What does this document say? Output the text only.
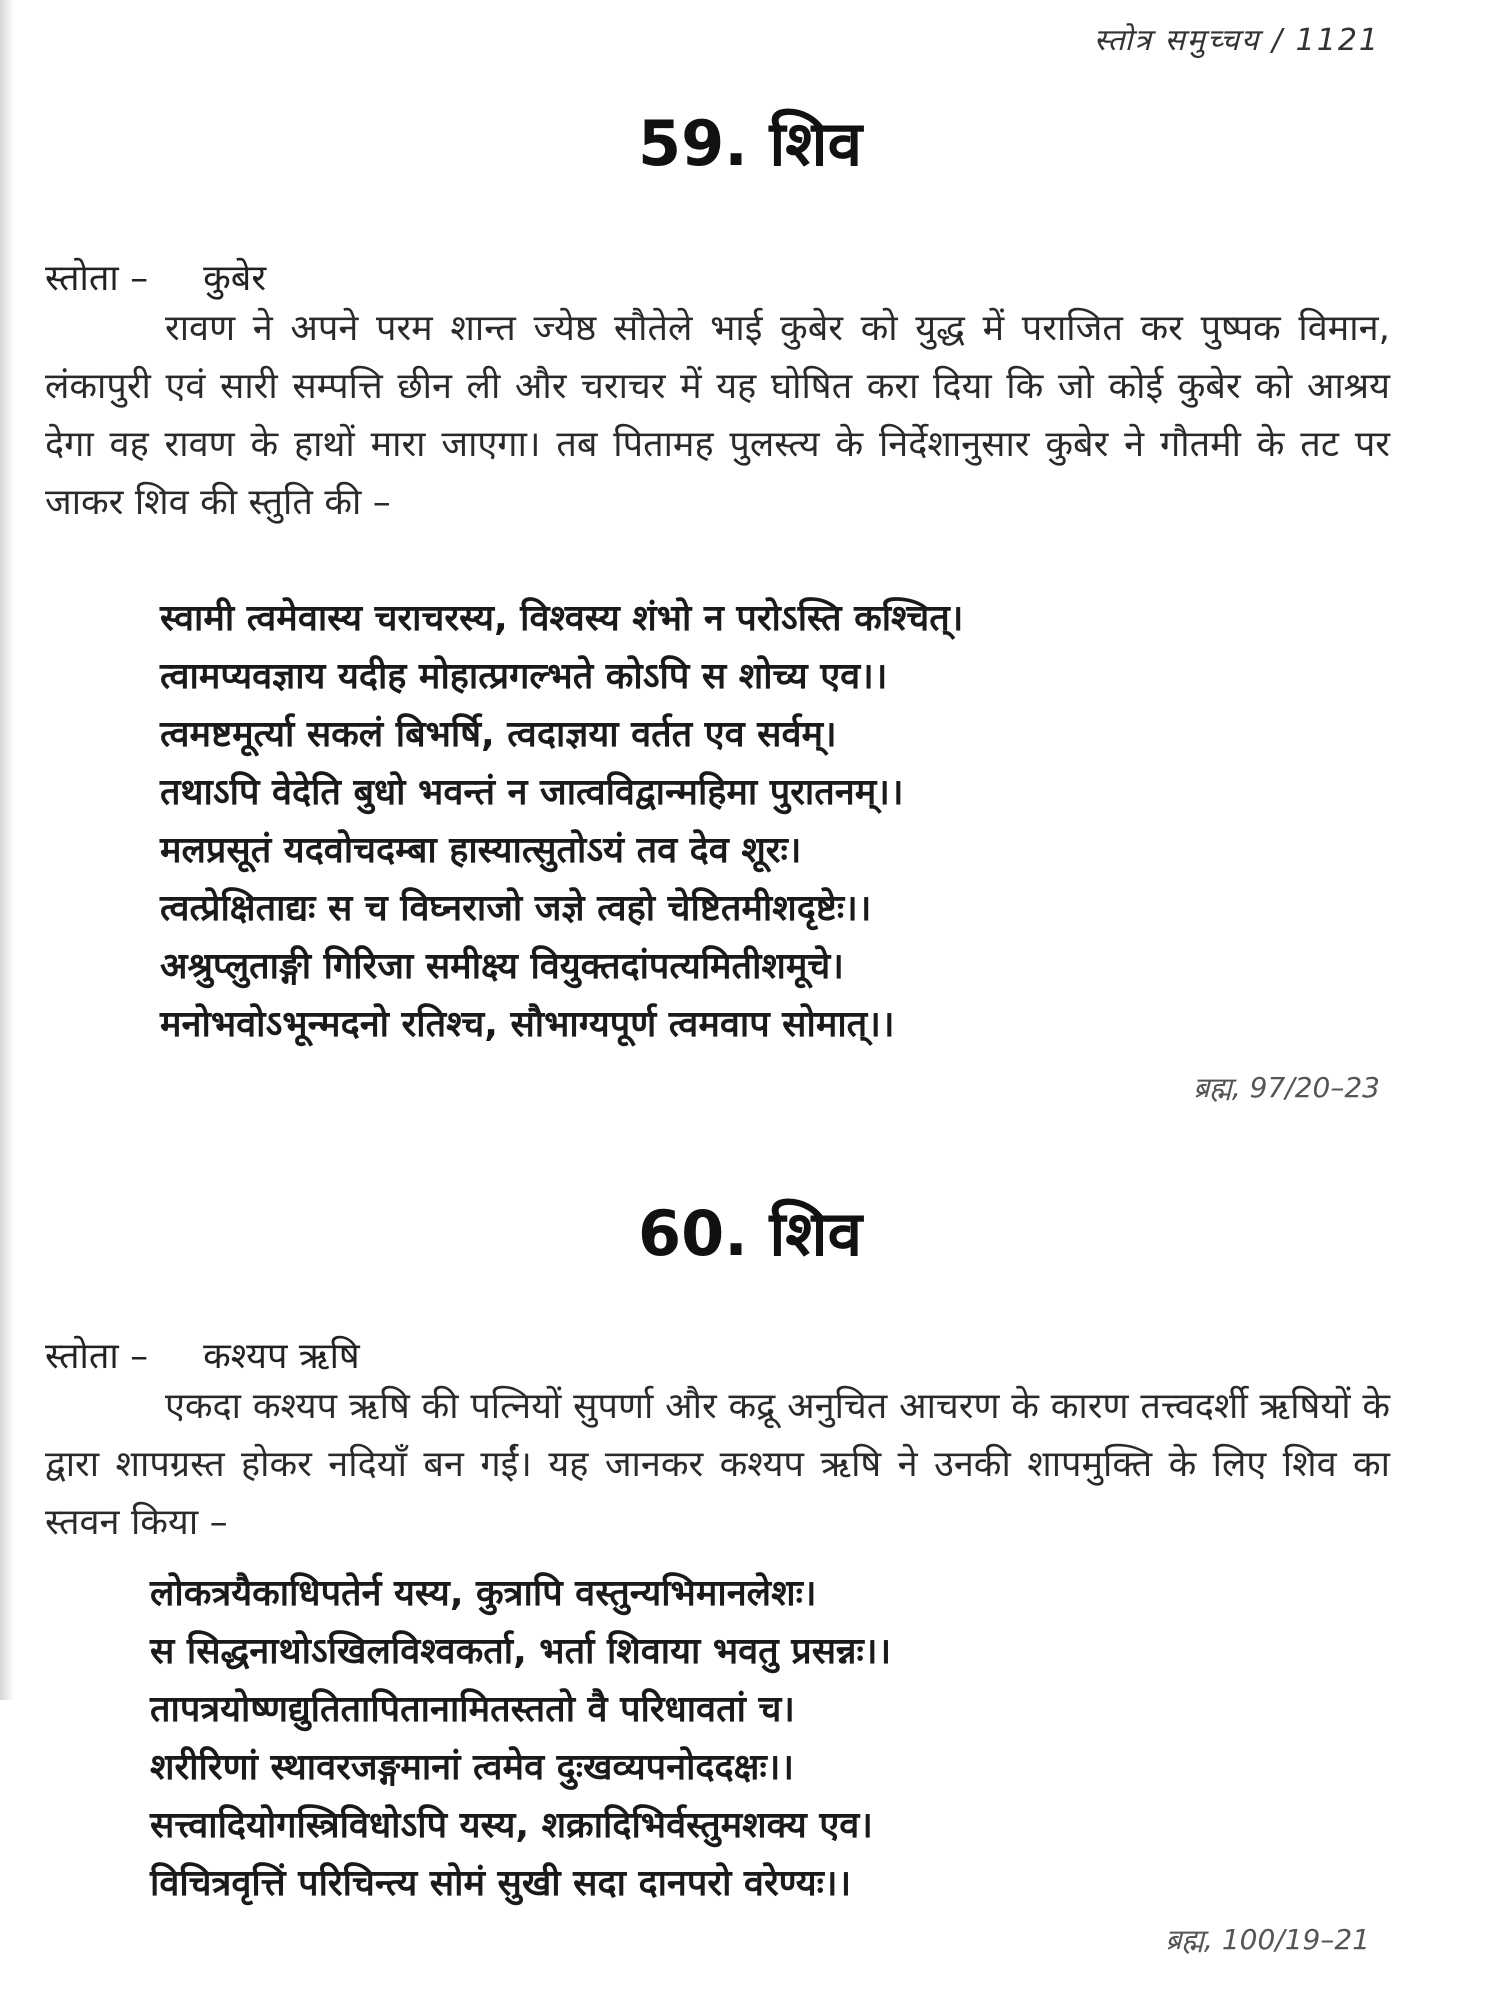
स्तोत्र समुच्चय / 1121
59. शिव
स्तोता – कुबेर

रावण ने अपने परम शान्त ज्येष्ठ सौतेले भाई कुबेर को युद्ध में पराजित कर पुष्पक विमान, लंकापुरी एवं सारी सम्पत्ति छीन ली और चराचर में यह घोषित करा दिया कि जो कोई कुबेर को आश्रय देगा वह रावण के हाथों मारा जाएगा। तब पितामह पुलस्त्य के निर्देशानुसार कुबेर ने गौतमी के तट पर जाकर शिव की स्तुति की –

स्वामी त्वमेवास्य चराचरस्य, विश्वस्य शंभो न परोऽस्ति कश्चित्।
त्वामप्यवज्ञाय यदीह मोहात्प्रगल्भते कोऽपि स शोच्य एव।।
त्वमष्टमूर्त्या सकलं बिभर्षि, त्वदाज्ञया वर्तत एव सर्वम्।
तथाऽपि वेदेति बुधो भवन्तं न जात्वविद्वान्महिमा पुरातनम्।।
मलप्रसूतं यदवोचदम्बा हास्यात्सुतोऽयं तव देव शूरः।
त्वत्प्रेक्षिताद्यः स च विघ्नराजो जज्ञे त्वहो चेष्टितमीशदृष्टेः।।
अश्रुप्लुताङ्गी गिरिजा समीक्ष्य वियुक्तदांपत्यमितीशमूचे।
मनोभवोऽभून्मदनो रतिश्च, सौभाग्यपूर्ण त्वमवाप सोमात्।।
ब्रह्म, 97/20–23
60. शिव
स्तोता – कश्यप ऋषि

एकदा कश्यप ऋषि की पत्नियों सुपर्णा और कद्रू अनुचित आचरण के कारण तत्त्वदर्शी ऋषियों के द्वारा शापग्रस्त होकर नदियाँ बन गईं। यह जानकर कश्यप ऋषि ने उनकी शापमुक्ति के लिए शिव का स्तवन किया –

लोकत्रयैकाधिपतेर्न यस्य, कुत्रापि वस्तुन्यभिमानलेशः।
स सिद्धनाथोऽखिलविश्वकर्ता, भर्ता शिवाया भवतु प्रसन्नः।।
तापत्रयोष्णद्युतितापितानामितस्ततो वै परिधावतां च।
शरीरिणां स्थावरजङ्गमानां त्वमेव दुःखव्यपनोददक्षः।।
सत्त्वादियोगस्त्रिविधोऽपि यस्य, शक्रादिभिर्वस्तुमशक्य एव।
विचित्रवृत्तिं परिचिन्त्य सोमं सुखी सदा दानपरो वरेण्यः।।
ब्रह्म, 100/19–21
